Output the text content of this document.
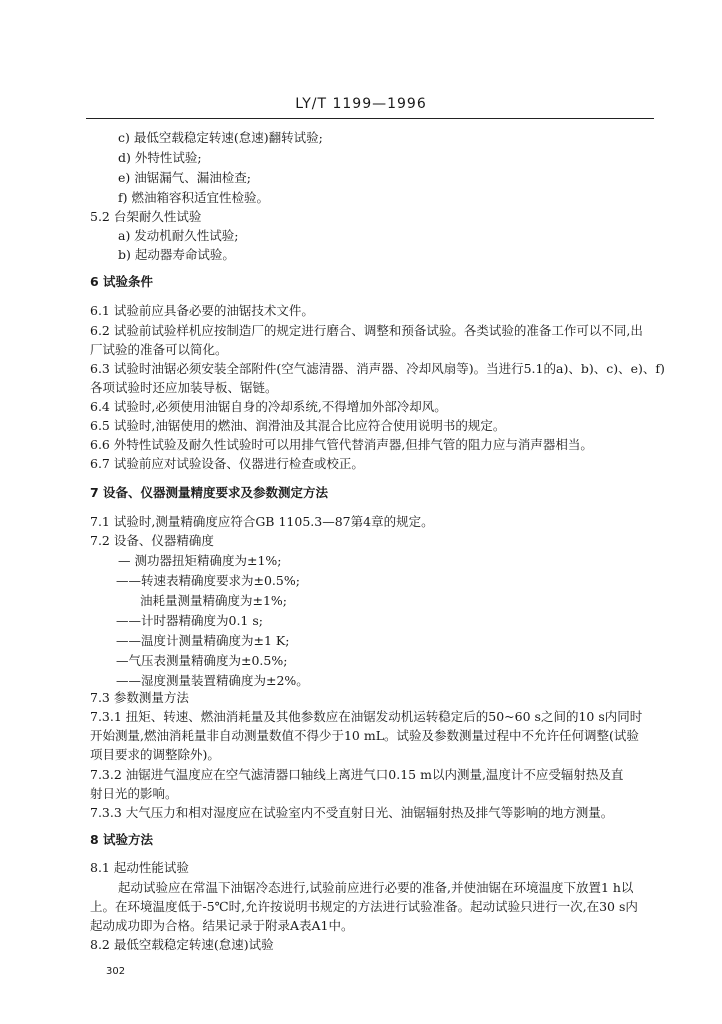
LY/T 1199—1996
c) 最低空载稳定转速(怠速)翻转试验;
d) 外特性试验;
e) 油锯漏气、漏油检查;
f) 燃油箱容积适宜性检验。
5.2 台架耐久性试验
a) 发动机耐久性试验;
b) 起动器寿命试验。
6 试验条件
6.1 试验前应具备必要的油锯技术文件。
6.2 试验前试验样机应按制造厂的规定进行磨合、调整和预备试验。各类试验的准备工作可以不同,出
厂试验的准备可以简化。
6.3 试验时油锯必须安装全部附件(空气滤清器、消声器、冷却风扇等)。当进行5.1的a)、b)、c)、e)、f)
各项试验时还应加装导板、锯链。
6.4 试验时,必须使用油锯自身的冷却系统,不得增加外部冷却风。
6.5 试验时,油锯使用的燃油、润滑油及其混合比应符合使用说明书的规定。
6.6 外特性试验及耐久性试验时可以用排气管代替消声器,但排气管的阻力应与消声器相当。
6.7 试验前应对试验设备、仪器进行检查或校正。
7 设备、仪器测量精度要求及参数测定方法
7.1 试验时,测量精确度应符合GB 1105.3—87第4章的规定。
7.2 设备、仪器精确度
— 测功器扭矩精确度为±1%;
——转速表精确度要求为±0.5%;
油耗量测量精确度为±1%;
——计时器精确度为0.1 s;
——温度计测量精确度为±1 K;
—气压表测量精确度为±0.5%;
——湿度测量装置精确度为±2%。
7.3 参数测量方法
7.3.1 扭矩、转速、燃油消耗量及其他参数应在油锯发动机运转稳定后的50~60 s之间的10 s内同时
开始测量,燃油消耗量非自动测量数值不得少于10 mL。试验及参数测量过程中不允许任何调整(试验
项目要求的调整除外)。
7.3.2 油锯进气温度应在空气滤清器口轴线上离进气口0.15 m以内测量,温度计不应受辐射热及直
射日光的影响。
7.3.3 大气压力和相对湿度应在试验室内不受直射日光、油锯辐射热及排气等影响的地方测量。
8 试验方法
8.1 起动性能试验
起动试验应在常温下油锯冷态进行,试验前应进行必要的准备,并使油锯在环境温度下放置1 h以
上。在环境温度低于-5℃时,允许按说明书规定的方法进行试验准备。起动试验只进行一次,在30 s内
起动成功即为合格。结果记录于附录A表A1中。
8.2 最低空载稳定转速(怠速)试验
302
